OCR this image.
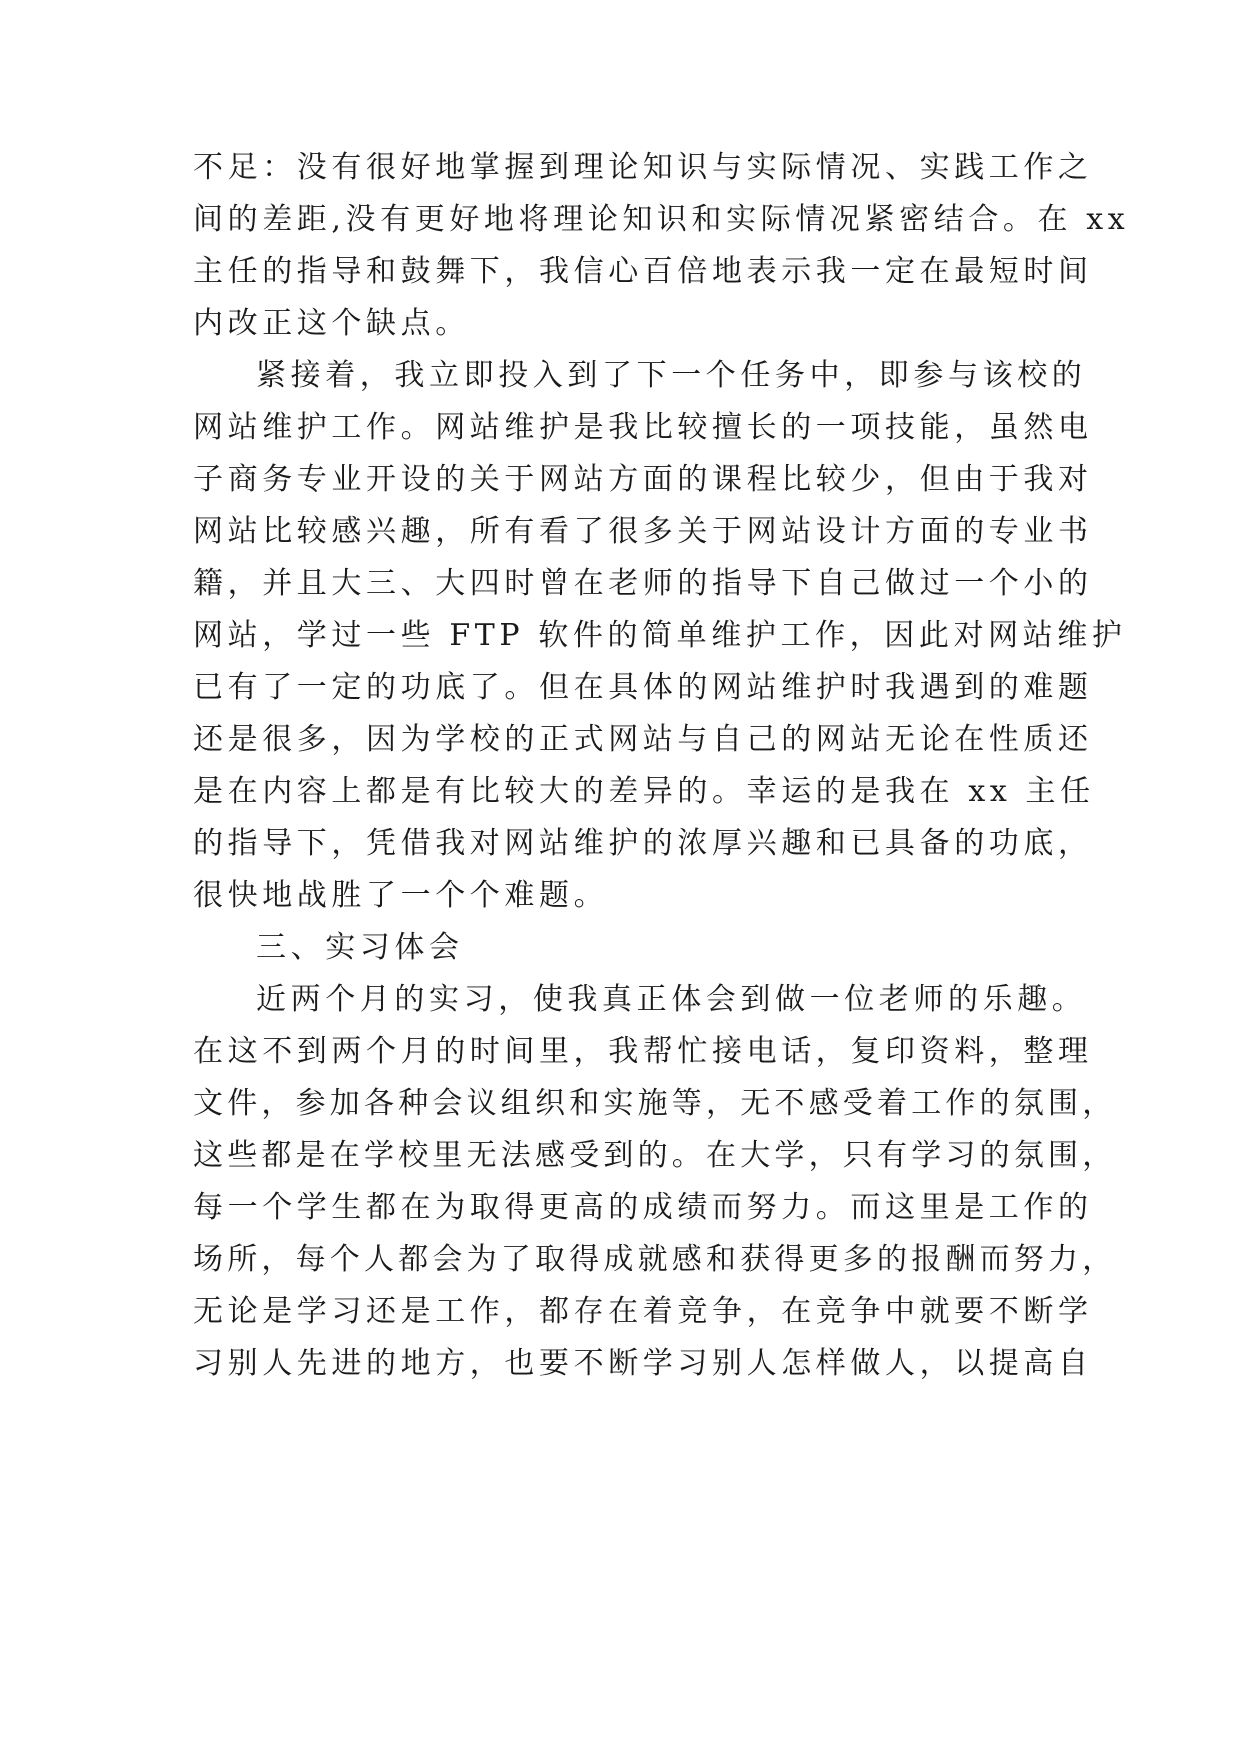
不足：没有很好地掌握到理论知识与实际情况、实践工作之
间的差距,没有更好地将理论知识和实际情况紧密结合。在 xx
主任的指导和鼓舞下，我信心百倍地表示我一定在最短时间
内改正这个缺点。
紧接着，我立即投入到了下一个任务中，即参与该校的
网站维护工作。网站维护是我比较擅长的一项技能，虽然电
子商务专业开设的关于网站方面的课程比较少，但由于我对
网站比较感兴趣，所有看了很多关于网站设计方面的专业书
籍，并且大三、大四时曾在老师的指导下自己做过一个小的
网站，学过一些 FTP 软件的简单维护工作，因此对网站维护
已有了一定的功底了。但在具体的网站维护时我遇到的难题
还是很多，因为学校的正式网站与自己的网站无论在性质还
是在内容上都是有比较大的差异的。幸运的是我在 xx 主任
的指导下，凭借我对网站维护的浓厚兴趣和已具备的功底，
很快地战胜了一个个难题。
三、实习体会
近两个月的实习，使我真正体会到做一位老师的乐趣。
在这不到两个月的时间里，我帮忙接电话，复印资料，整理
文件，参加各种会议组织和实施等，无不感受着工作的氛围，
这些都是在学校里无法感受到的。在大学，只有学习的氛围，
每一个学生都在为取得更高的成绩而努力。而这里是工作的
场所，每个人都会为了取得成就感和获得更多的报酬而努力，
无论是学习还是工作，都存在着竞争，在竞争中就要不断学
习别人先进的地方，也要不断学习别人怎样做人，以提高自
